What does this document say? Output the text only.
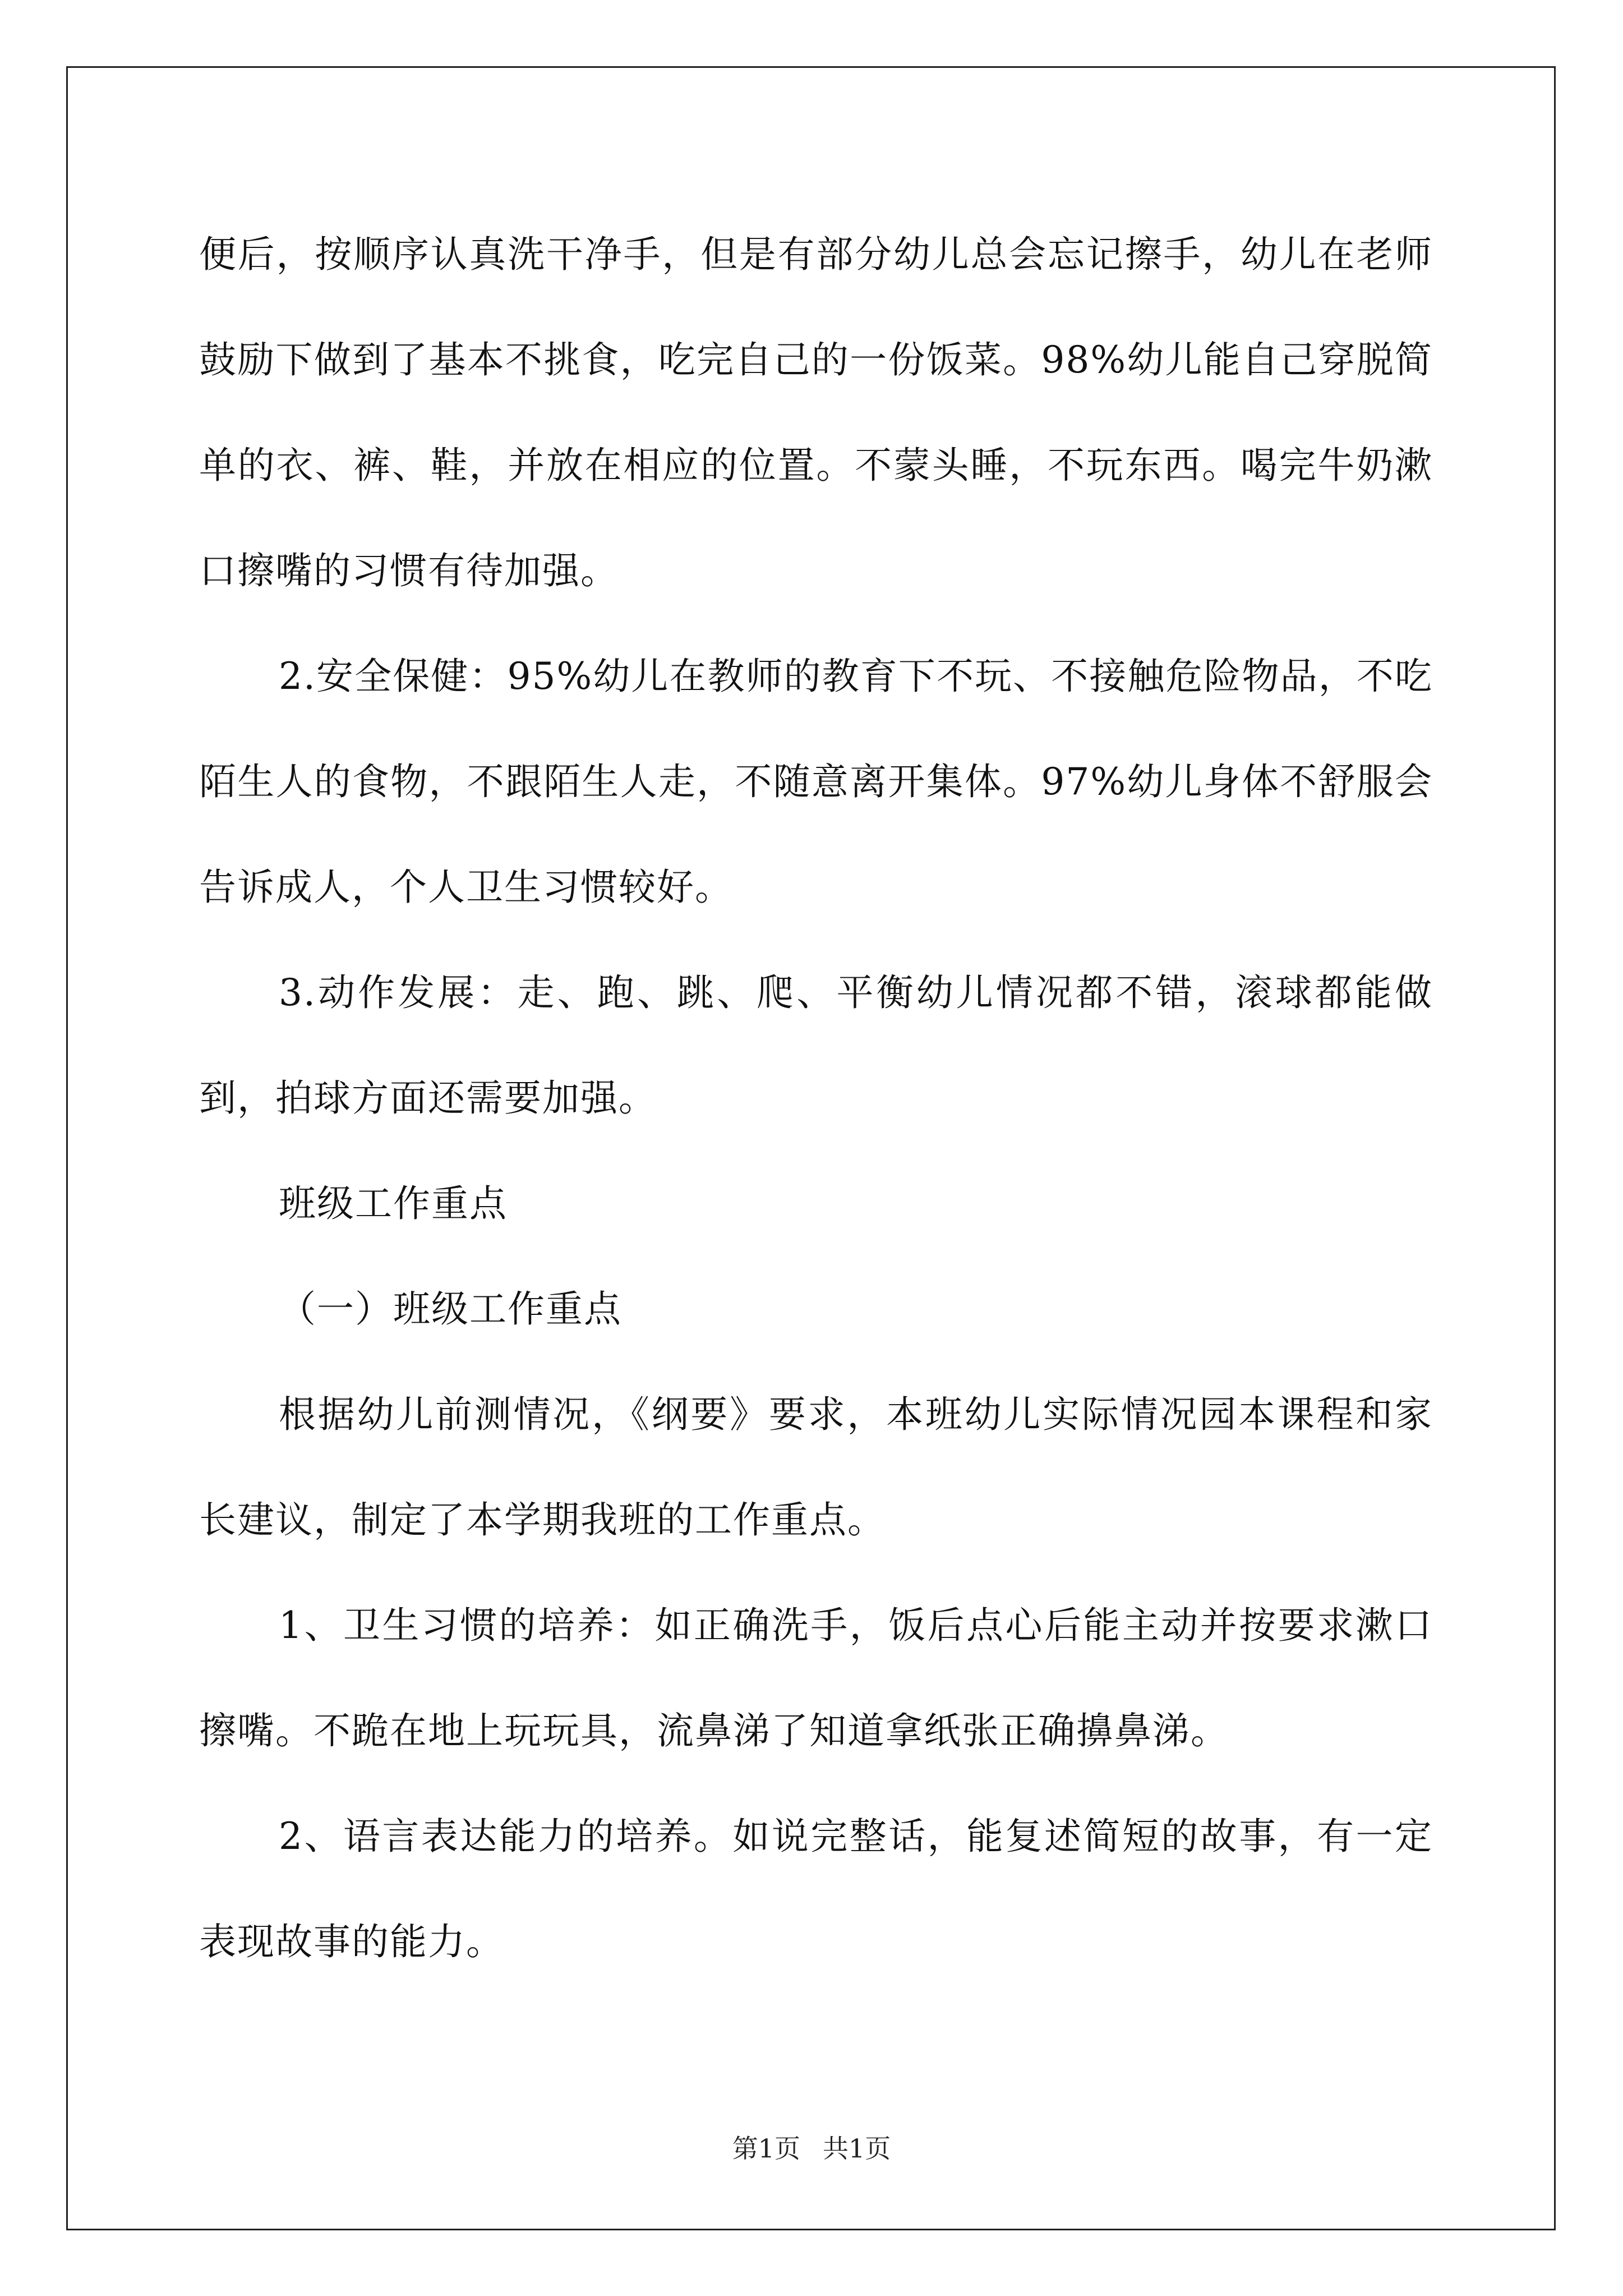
便后，按顺序认真洗干净手，但是有部分幼儿总会忘记擦手，幼儿在老师鼓励下做到了基本不挑食，吃完自己的一份饭菜。98%幼儿能自己穿脱简单的衣、裤、鞋，并放在相应的位置。不蒙头睡，不玩东西。喝完牛奶漱口擦嘴的习惯有待加强。

2.安全保健：95%幼儿在教师的教育下不玩、不接触危险物品，不吃陌生人的食物，不跟陌生人走，不随意离开集体。97%幼儿身体不舒服会告诉成人，个人卫生习惯较好。

3.动作发展：走、跑、跳、爬、平衡幼儿情况都不错，滚球都能做到，拍球方面还需要加强。

班级工作重点

（一）班级工作重点

根据幼儿前测情况，《纲要》要求，本班幼儿实际情况园本课程和家长建议，制定了本学期我班的工作重点。

1、卫生习惯的培养：如正确洗手，饭后点心后能主动并按要求漱口擦嘴。不跪在地上玩玩具，流鼻涕了知道拿纸张正确擤鼻涕。

2、语言表达能力的培养。如说完整话，能复述简短的故事，有一定表现故事的能力。

第1页 共1页
